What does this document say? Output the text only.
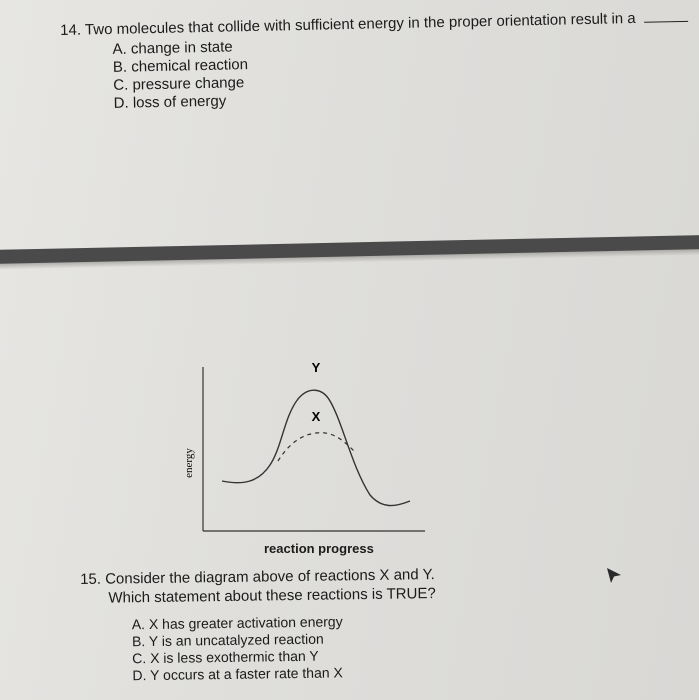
14. Two molecules that collide with sufficient energy in the proper orientation result in a
A. change in state
B. chemical reaction
C. pressure change
D. loss of energy
energy
Y
X
reaction progress
15. Consider the diagram above of reactions X and Y.
Which statement about these reactions is TRUE?
A. X has greater activation energy
B. Y is an uncatalyzed reaction
C. X is less exothermic than Y
D. Y occurs at a faster rate than X
